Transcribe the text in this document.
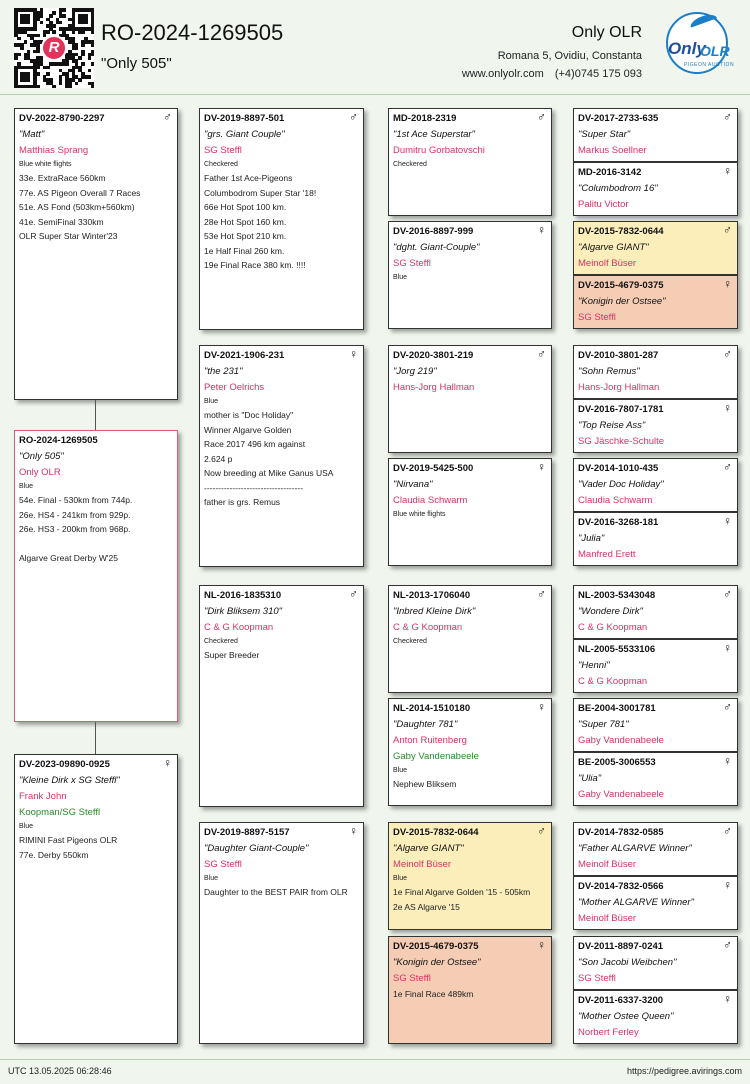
R
RO-2024-1269505
"Only 505"
Only OLR
Romana 5, Ovidiu, Constanta
www.onlyolr.com (+4)0745 175 093
Only
OLR
PIGEON AUCTION
DV-2022-8790-2297	♂
"Matt"
Matthias Sprang
Blue white flights
33e. ExtraRace 560km
77e. AS Pigeon Overall 7 Races
51e. AS Fond (503km+560km)
41e. SemiFinal 330km
OLR Super Star Winter'23
RO-2024-1269505
"Only 505"
Only OLR
Blue
54e. Final - 530km from 744p.
26e. HS4 - 241km from 929p.
26e. HS3 - 200km from 968p.

Algarve Great Derby W'25
DV-2023-09890-0925	♀
"Kleine Dirk x SG Steffl"
Frank John
Koopman/SG Steffl
Blue
RIMINI Fast Pigeons OLR
77e. Derby 550km
DV-2019-8897-501	♂
"grs. Giant Couple"
SG Steffl
Checkered
Father 1st Ace-Pigeons
Columbodrom Super Star '18!
66e Hot Spot 100 km.
28e Hot Spot 160 km.
53e Hot Spot 210 km.
1e Half Final 260 km.
19e Final Race 380 km. !!!!
DV-2021-1906-231	♀
"the 231"
Peter Oelrichs
Blue
mother is "Doc Holiday"
Winner Algarve Golden
Race 2017 496 km against
2.624 p
Now breeding at Mike Ganus USA
-----------------------------------
father is grs. Remus
NL-2016-1835310	♂
"Dirk Bliksem 310"
C & G Koopman
Checkered
Super Breeder
DV-2019-8897-5157	♀
"Daughter Giant-Couple"
SG Steffl
Blue
Daughter to the BEST PAIR from OLR
MD-2018-2319	♂
"1st Ace Superstar"
Dumitru Gorbatovschi
Checkered
DV-2016-8897-999	♀
"dght. Giant-Couple"
SG Steffl
Blue
DV-2020-3801-219	♂
"Jorg 219"
Hans-Jorg Hallman
DV-2019-5425-500	♀
"Nirvana"
Claudia Schwarm
Blue white flights
NL-2013-1706040	♂
"Inbred Kleine Dirk"
C & G Koopman
Checkered
NL-2014-1510180	♀
"Daughter 781"
Anton Ruitenberg
Gaby Vandenabeele
Blue
Nephew Bliksem
DV-2015-7832-0644	♂
"Algarve GIANT"
Meinolf Büser
Blue
1e Final Algarve Golden '15 - 505km
2e AS Algarve '15
DV-2015-4679-0375	♀
"Konigin der Ostsee"
SG Steffl
1e Final Race 489km
DV-2017-2733-635	♂
"Super Star"
Markus Soellner
MD-2016-3142	♀
"Columbodrom 16"
Palitu Victor
DV-2015-7832-0644	♂
"Algarve GIANT"
Meinolf Büser
DV-2015-4679-0375	♀
"Konigin der Ostsee"
SG Steffl
DV-2010-3801-287	♂
"Sohn Remus"
Hans-Jorg Hallman
DV-2016-7807-1781	♀
"Top Reise Ass"
SG Jäschke-Schulte
DV-2014-1010-435	♂
"Vader Doc Holiday"
Claudia Schwarm
DV-2016-3268-181	♀
"Julia"
Manfred Erett
NL-2003-5343048	♂
"Wondere Dirk"
C & G Koopman
NL-2005-5533106	♀
"Henni"
C & G Koopman
BE-2004-3001781	♂
"Super 781"
Gaby Vandenabeele
BE-2005-3006553	♀
"Ulia"
Gaby Vandenabeele
DV-2014-7832-0585	♂
"Father ALGARVE Winner"
Meinolf Büser
DV-2014-7832-0566	♀
"Mother ALGARVE Winner"
Meinolf Büser
DV-2011-8897-0241	♂
"Son Jacobi Weibchen"
SG Steffl
DV-2011-6337-3200	♀
"Mother Ostee Queen"
Norbert Ferley
UTC 13.05.2025 06:28:46	https://pedigree.avirings.com
